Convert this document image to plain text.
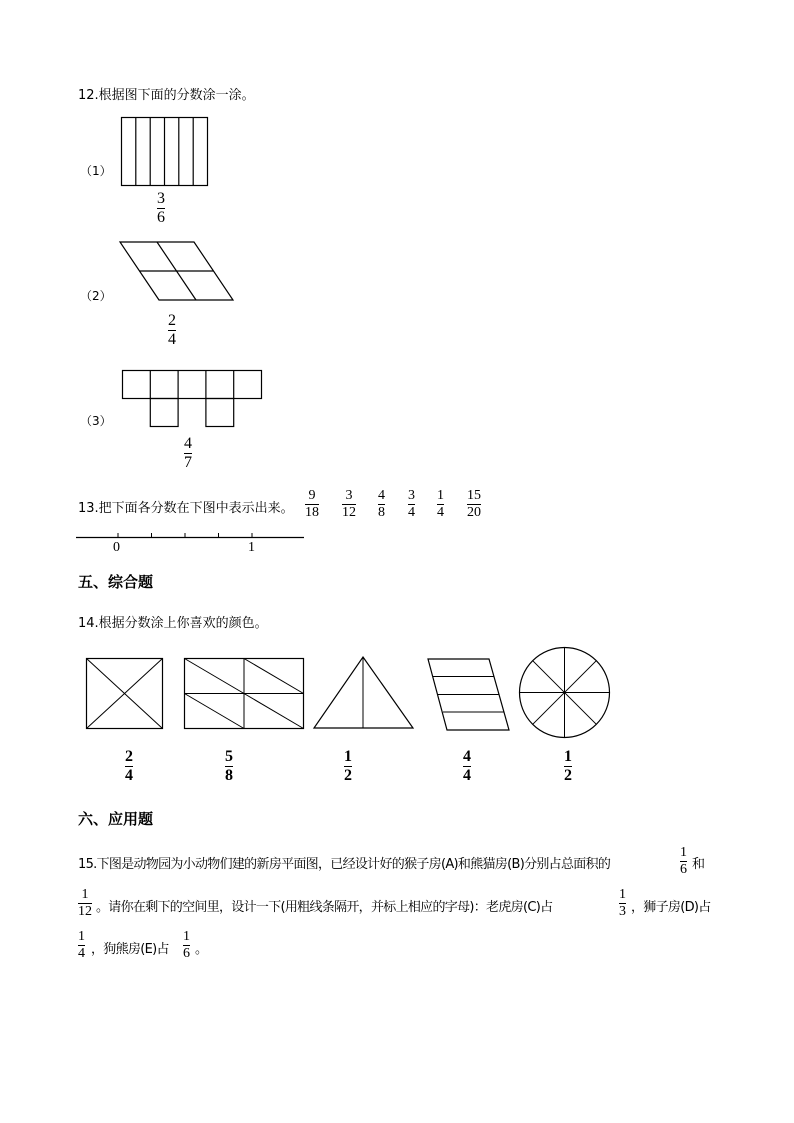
12.根据图下面的分数涂一涂。
（1）
3
6
（2）
2
4
（3）
4
7
13.把下面各分数在下图中表示出来。
9
18
3
12
4
8
3
4
1
4
15
20
0	1
五、综合题
14.根据分数涂上你喜欢的颜色。
2
4
5
8
1
2
4
4
1
2
六、应用题
15.下图是动物园为小动物们建的新房平面图，已经设计好的猴子房(A)和熊猫房(B)分别占总面积的
1
6 和
1
12 。请你在剩下的空间里，设计一下(用粗线条隔开，并标上相应的字母)：老虎房(C)占
1
3 ，狮子房(D)占
1
4 ，狗熊房(E)占
1
6 。
